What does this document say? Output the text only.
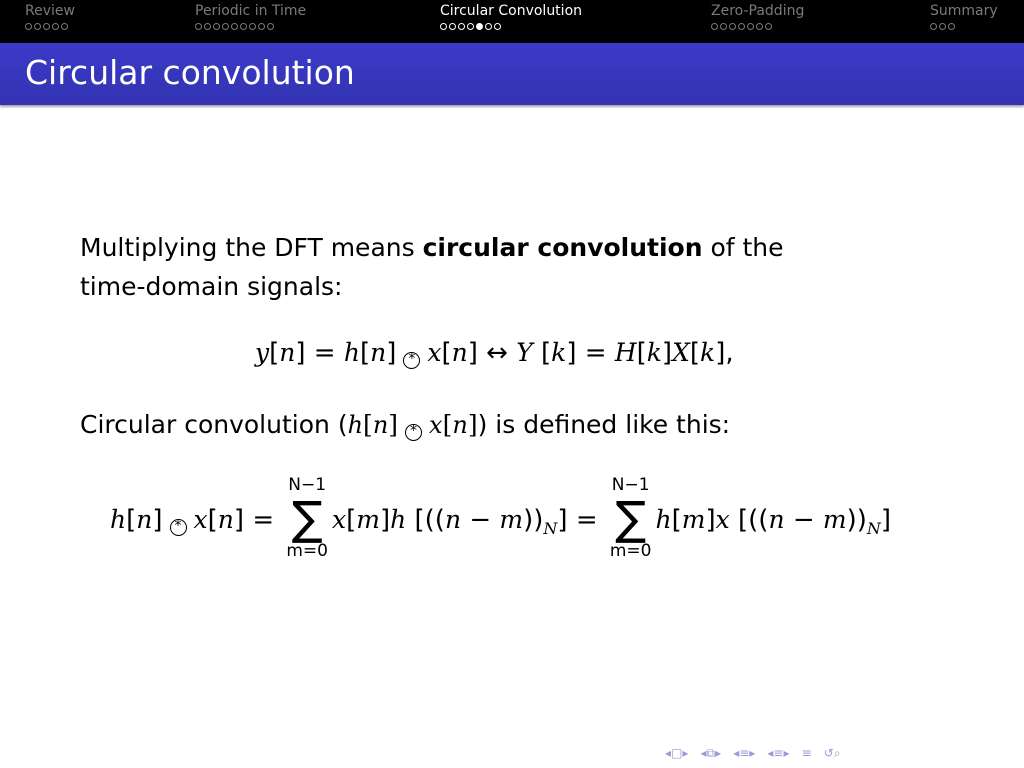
Review	Periodic in Time	Circular Convolution	Zero-Padding	Summary
Circular convolution
Multiplying the DFT means circular convolution of the
time-domain signals:
y[n] = h[n] * x[n] ↔ Y [k] = H[k]X[k],
Circular convolution (h[n] * x[n]) is defined like this:
h[n] * x[n] =
N−1
∑
m=0
x[m]h $[((n - m))_N]$ =
N−1
∑
m=0
h[m]x $[((n - m))_N]$
◂□▸ ◂⧉▸ ◂≡▸ ◂≡▸ ≡ ↺⌕
